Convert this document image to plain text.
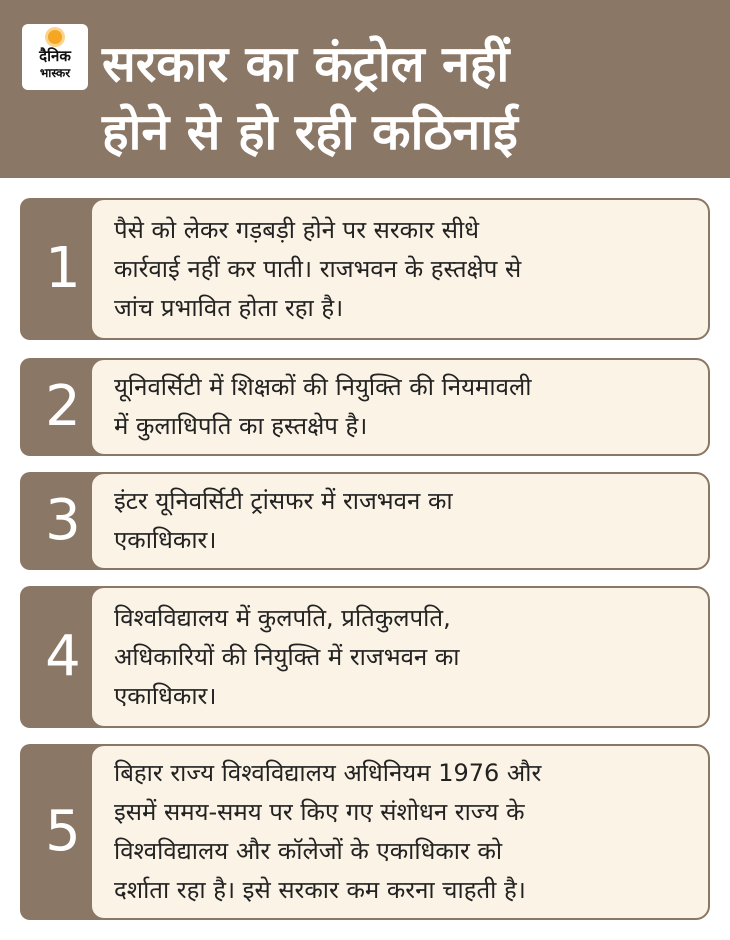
दैनिक
भास्कर सरकार का कंट्रोल नहीं
होने से हो रही कठिनाई
1

पैसे को लेकर गड़बड़ी होने पर सरकार सीधे
कार्रवाई नहीं कर पाती। राजभवन के हस्तक्षेप से
जांच प्रभावित होता रहा है।

2 यूनिवर्सिटी में शिक्षकों की नियुक्ति की नियमावली
में कुलाधिपति का हस्तक्षेप है।

3 इंटर यूनिवर्सिटी ट्रांसफर में राजभवन का
एकाधिकार।

4

विश्वविद्यालय में कुलपति, प्रतिकुलपति,
अधिकारियों की नियुक्ति में राजभवन का
एकाधिकार।

5

बिहार राज्य विश्वविद्यालय अधिनियम 1976 और
इसमें समय-समय पर किए गए संशोधन राज्य के
विश्वविद्यालय और कॉलेजों के एकाधिकार को
दर्शाता रहा है। इसे सरकार कम करना चाहती है।
